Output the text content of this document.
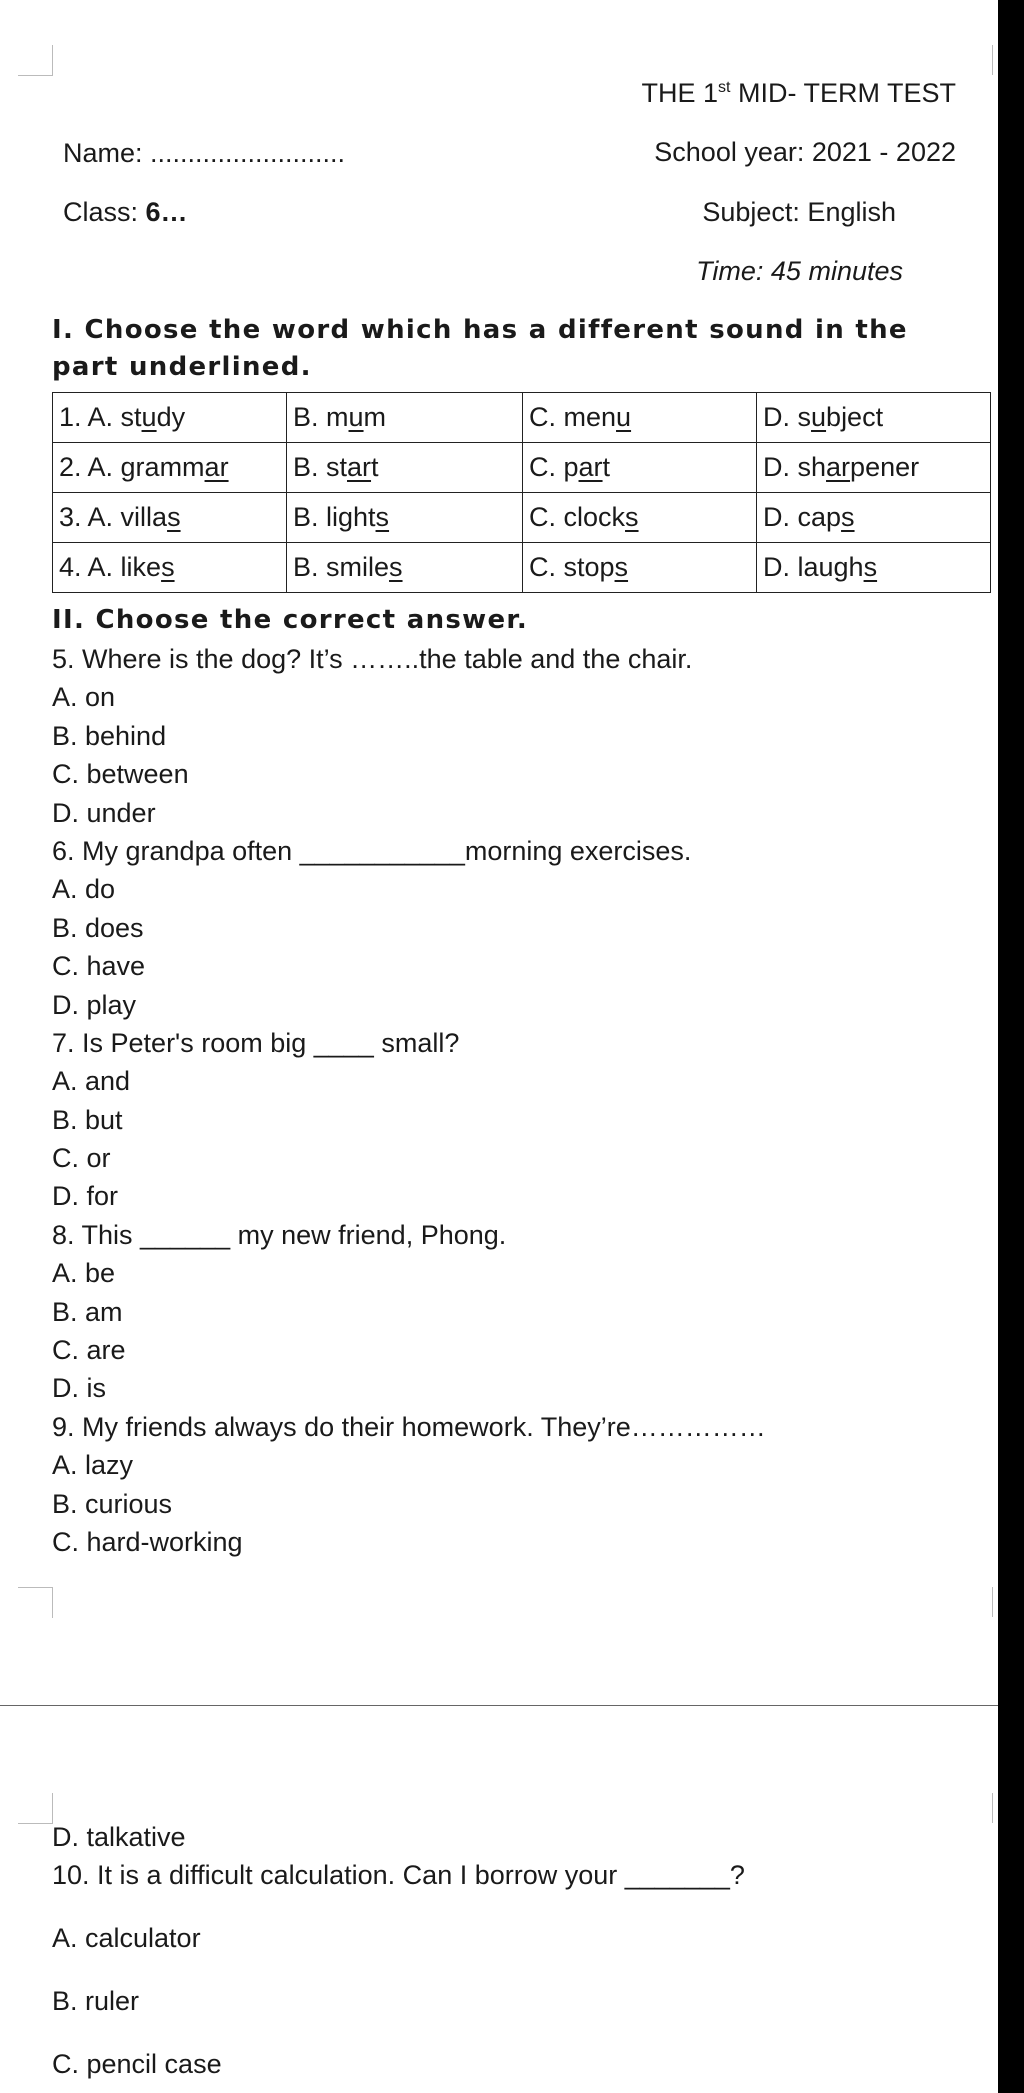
THE 1st MID- TERM TEST
Name: ..........................	School year: 2021 - 2022
Class: 6…	Subject: English
Time: 45 minutes
I. Choose the word which has a different sound in the part underlined.
1. A. study	B. mum	C. menu	D. subject
2. A. grammar	B. start	C. part	D. sharpener
3. A. villas	B. lights	C. clocks	D. caps
4. A. likes	B. smiles	C. stops	D. laughs
II. Choose the correct answer.
5. Where is the dog? It’s ……..the table and the chair.
A. on
B. behind
C. between
D. under
6. My grandpa often ___________morning exercises.
A. do
B. does
C. have
D. play
7. Is Peter's room big ____ small?
A. and
B. but
C. or
D. for
8. This ______ my new friend, Phong.
A. be
B. am
C. are
D. is
9. My friends always do their homework. They’re……………
A. lazy
B. curious
C. hard-working
D. talkative
10. It is a difficult calculation. Can I borrow your _______?
A. calculator
B. ruler
C. pencil case
